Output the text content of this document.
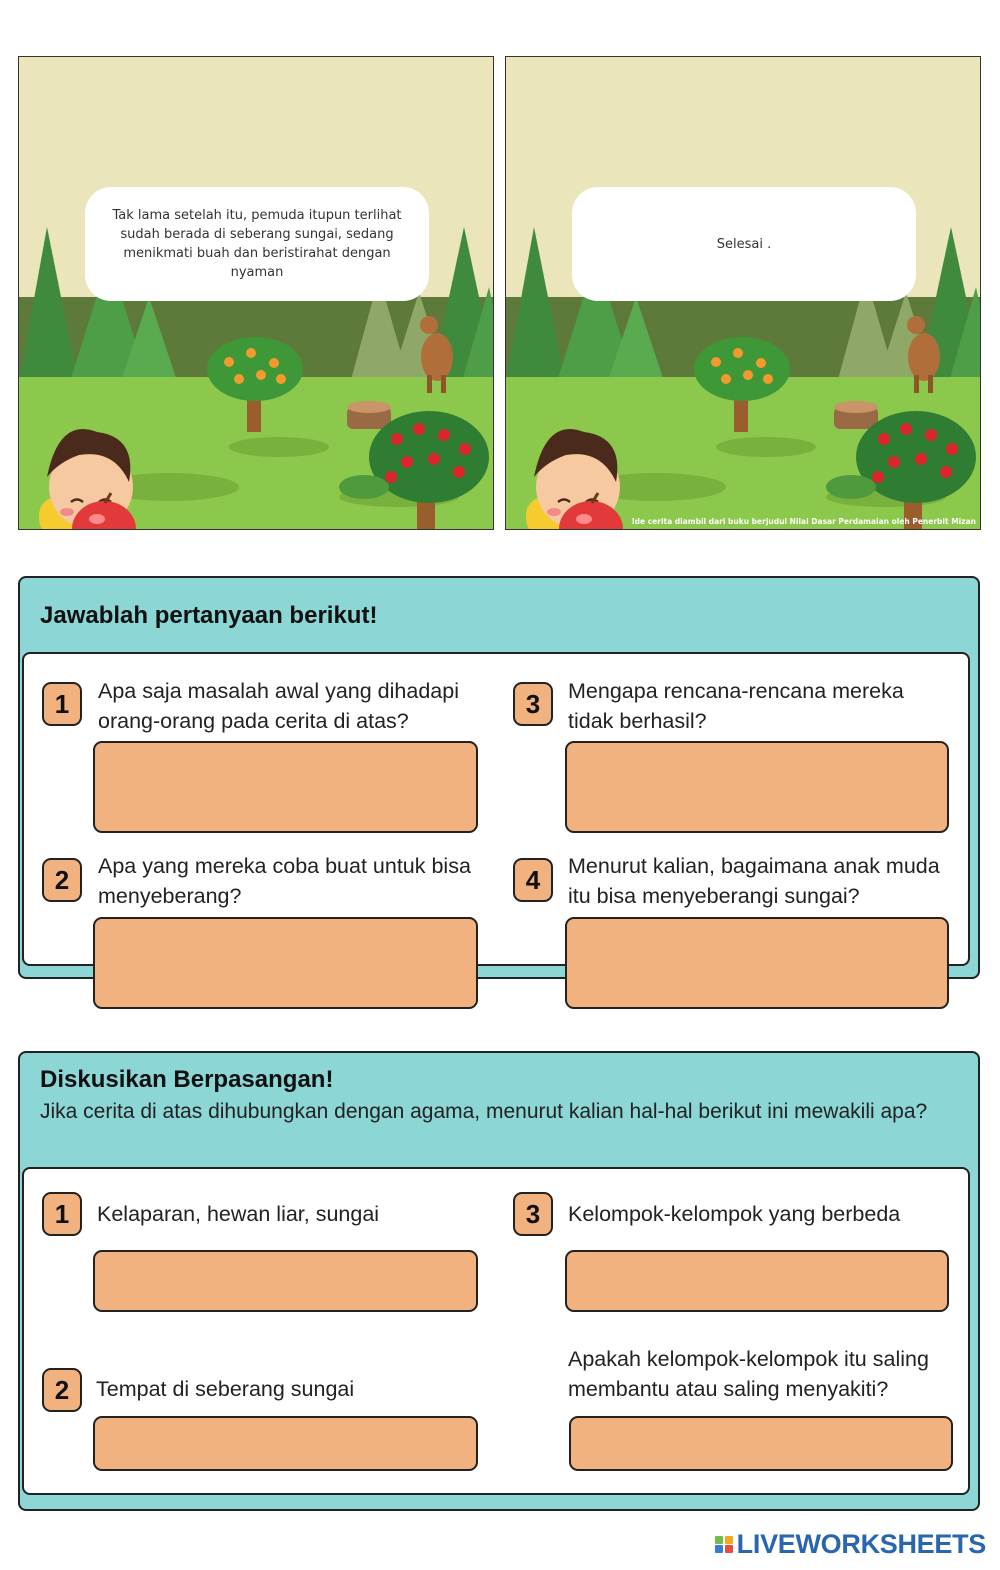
Tak lama setelah itu, pemuda itupun terlihat sudah berada di seberang sungai, sedang menikmati buah dan beristirahat dengan nyaman
Selesai .
Ide cerita diambil dari buku berjudul Nilai Dasar Perdamaian oleh Penerbit Mizan
Jawablah pertanyaan berikut!
1	Apa saja masalah awal yang dihadapi orang-orang pada cerita di atas?
2	Apa yang mereka coba buat untuk bisa menyeberang?
3	Mengapa rencana-rencana mereka tidak berhasil?
4	Menurut kalian, bagaimana anak muda itu bisa menyeberangi sungai?
Diskusikan Berpasangan!
Jika cerita di atas dihubungkan dengan agama, menurut kalian hal-hal berikut ini mewakili apa?
1	Kelaparan, hewan liar, sungai
2	Tempat di seberang sungai
3	Kelompok-kelompok yang berbeda
Apakah kelompok-kelompok itu saling membantu atau saling menyakiti?
LIVEWORKSHEETS
